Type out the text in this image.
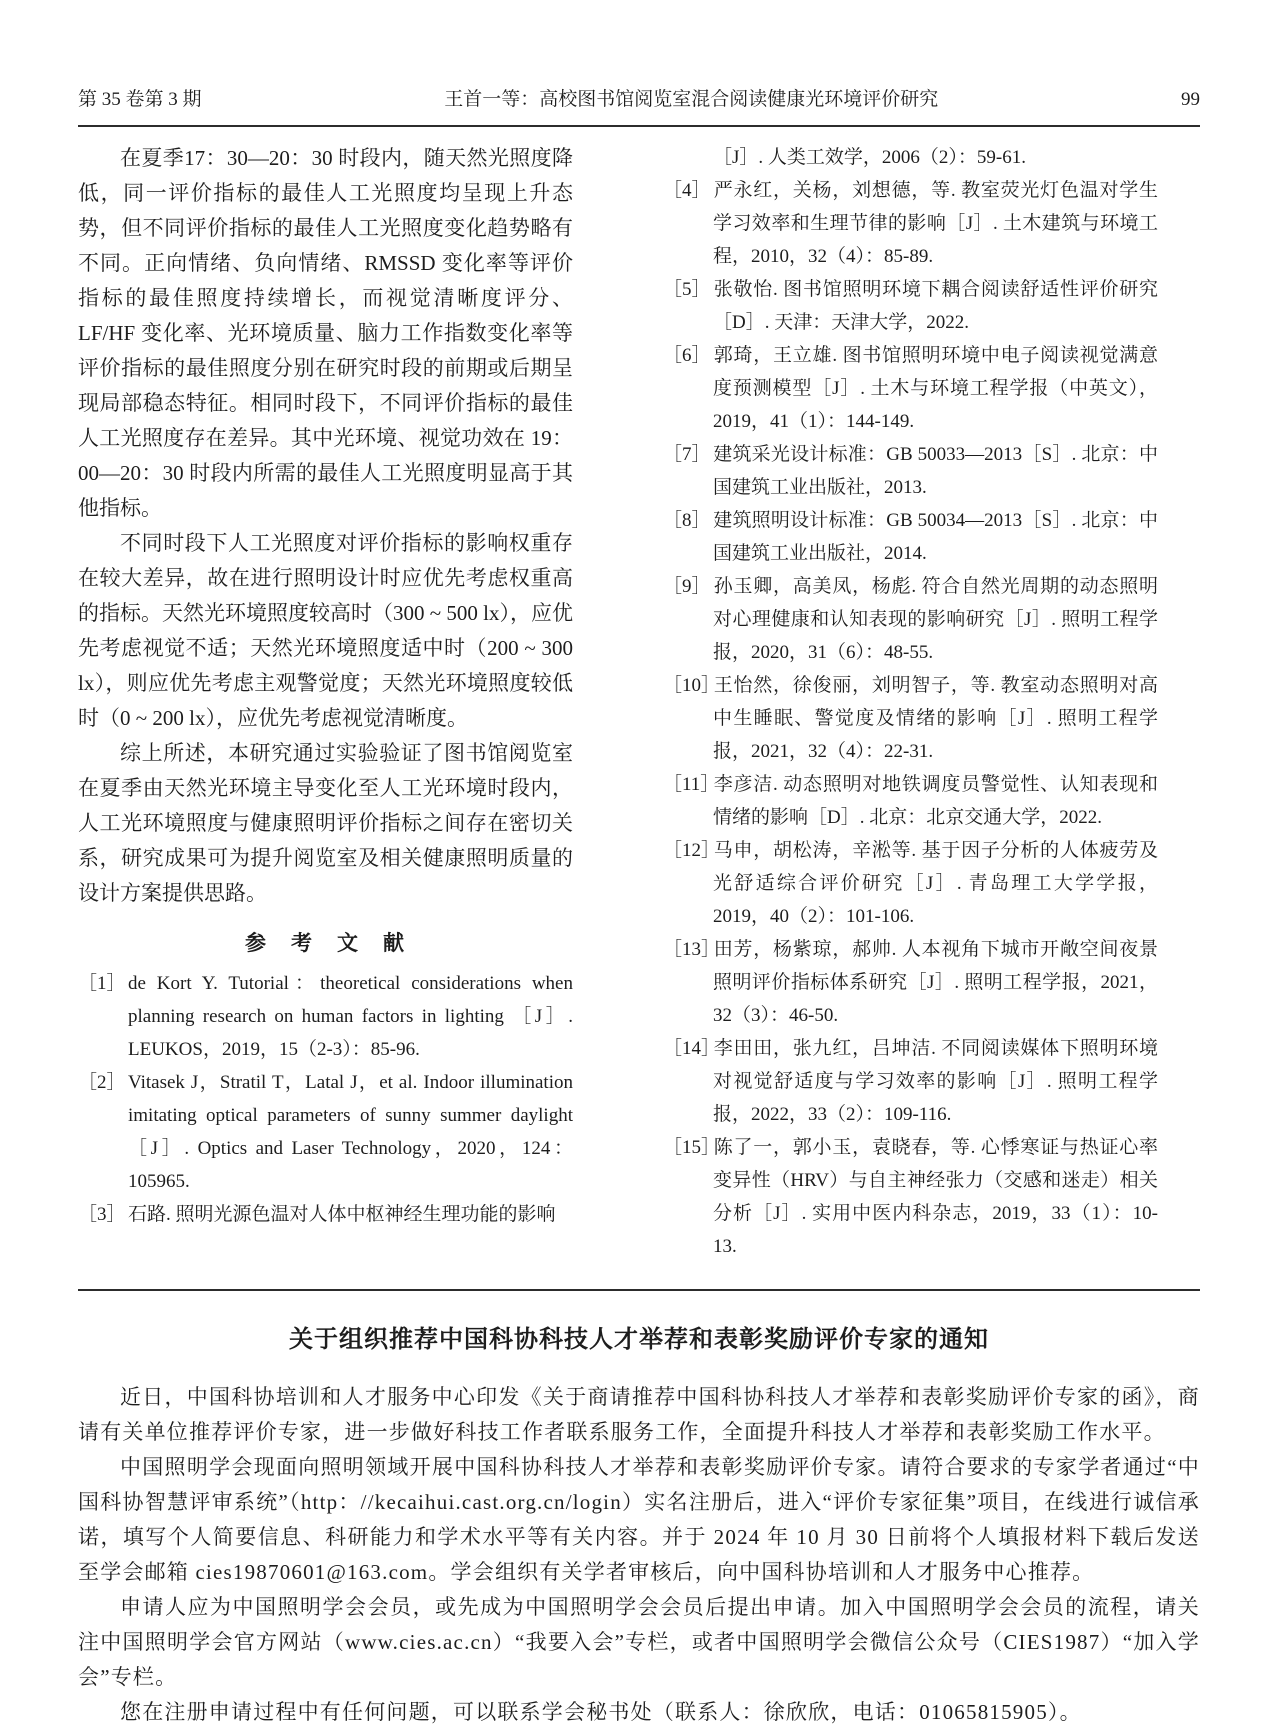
第 35 卷第 3 期	王首一等：高校图书馆阅览室混合阅读健康光环境评价研究	99

在夏季17：30—20：30 时段内，随天然光照度降低，同一评价指标的最佳人工光照度均呈现上升态势，但不同评价指标的最佳人工光照度变化趋势略有不同。正向情绪、负向情绪、RMSSD 变化率等评价指标的最佳照度持续增长，而视觉清晰度评分、LF/HF 变化率、光环境质量、脑力工作指数变化率等评价指标的最佳照度分别在研究时段的前期或后期呈现局部稳态特征。相同时段下，不同评价指标的最佳人工光照度存在差异。其中光环境、视觉功效在 19：00—20：30 时段内所需的最佳人工光照度明显高于其他指标。

不同时段下人工光照度对评价指标的影响权重存在较大差异，故在进行照明设计时应优先考虑权重高的指标。天然光环境照度较高时（300 ~ 500 lx），应优先考虑视觉不适；天然光环境照度适中时（200 ~ 300 lx），则应优先考虑主观警觉度；天然光环境照度较低时（0 ~ 200 lx），应优先考虑视觉清晰度。

综上所述，本研究通过实验验证了图书馆阅览室在夏季由天然光环境主导变化至人工光环境时段内，人工光环境照度与健康照明评价指标之间存在密切关系，研究成果可为提升阅览室及相关健康照明质量的设计方案提供思路。

参　考　文　献

［1］ de Kort Y. Tutorial：theoretical considerations when planning research on human factors in lighting ［J］. LEUKOS，2019，15（2-3）：85-96.

［2］ Vitasek J，Stratil T，Latal J，et al. Indoor illumination imitating optical parameters of sunny summer daylight ［J］. Optics and Laser Technology，2020，124：105965.

［3］ 石路. 照明光源色温对人体中枢神经生理功能的影响

［J］. 人类工效学，2006（2）：59-61.

［4］ 严永红，关杨，刘想德，等. 教室荧光灯色温对学生学习效率和生理节律的影响［J］. 土木建筑与环境工程，2010，32（4）：85-89.

［5］ 张敬怡. 图书馆照明环境下耦合阅读舒适性评价研究［D］. 天津：天津大学，2022.

［6］ 郭琦，王立雄. 图书馆照明环境中电子阅读视觉满意度预测模型［J］. 土木与环境工程学报（中英文），2019，41（1）：144-149.

［7］ 建筑采光设计标准：GB 50033—2013［S］. 北京：中国建筑工业出版社，2013.

［8］ 建筑照明设计标准：GB 50034—2013［S］. 北京：中国建筑工业出版社，2014.

［9］ 孙玉卿，高美凤，杨彪. 符合自然光周期的动态照明对心理健康和认知表现的影响研究［J］. 照明工程学报，2020，31（6）：48-55.

［10］王怡然，徐俊丽，刘明智子，等. 教室动态照明对高中生睡眠、警觉度及情绪的影响［J］. 照明工程学报，2021，32（4）：22-31.

［11］李彦洁. 动态照明对地铁调度员警觉性、认知表现和情绪的影响［D］. 北京：北京交通大学，2022.

［12］马申，胡松涛，辛淞等. 基于因子分析的人体疲劳及光舒适综合评价研究［J］. 青岛理工大学学报，2019，40（2）：101-106.

［13］田芳，杨紫琼，郝帅. 人本视角下城市开敞空间夜景照明评价指标体系研究［J］. 照明工程学报，2021，32（3）：46-50.

［14］李田田，张九红，吕坤洁. 不同阅读媒体下照明环境对视觉舒适度与学习效率的影响［J］. 照明工程学报，2022，33（2）：109-116.

［15］陈了一，郭小玉，袁晓春，等. 心悸寒证与热证心率变异性（HRV）与自主神经张力（交感和迷走）相关分析［J］. 实用中医内科杂志，2019，33（1）：10-13.

关于组织推荐中国科协科技人才举荐和表彰奖励评价专家的通知

近日，中国科协培训和人才服务中心印发《关于商请推荐中国科协科技人才举荐和表彰奖励评价专家的函》，商请有关单位推荐评价专家，进一步做好科技工作者联系服务工作，全面提升科技人才举荐和表彰奖励工作水平。

中国照明学会现面向照明领域开展中国科协科技人才举荐和表彰奖励评价专家。请符合要求的专家学者通过“中国科协智慧评审系统”（http：//kecaihui.cast.org.cn/login）实名注册后，进入“评价专家征集”项目，在线进行诚信承诺，填写个人简要信息、科研能力和学术水平等有关内容。并于 2024 年 10 月 30 日前将个人填报材料下载后发送至学会邮箱 cies19870601@163.com。学会组织有关学者审核后，向中国科协培训和人才服务中心推荐。

申请人应为中国照明学会会员，或先成为中国照明学会会员后提出申请。加入中国照明学会会员的流程，请关注中国照明学会官方网站（www.cies.ac.cn）“我要入会”专栏，或者中国照明学会微信公众号（CIES1987）“加入学会”专栏。

您在注册申请过程中有任何问题，可以联系学会秘书处（联系人：徐欣欣，电话：01065815905）。
